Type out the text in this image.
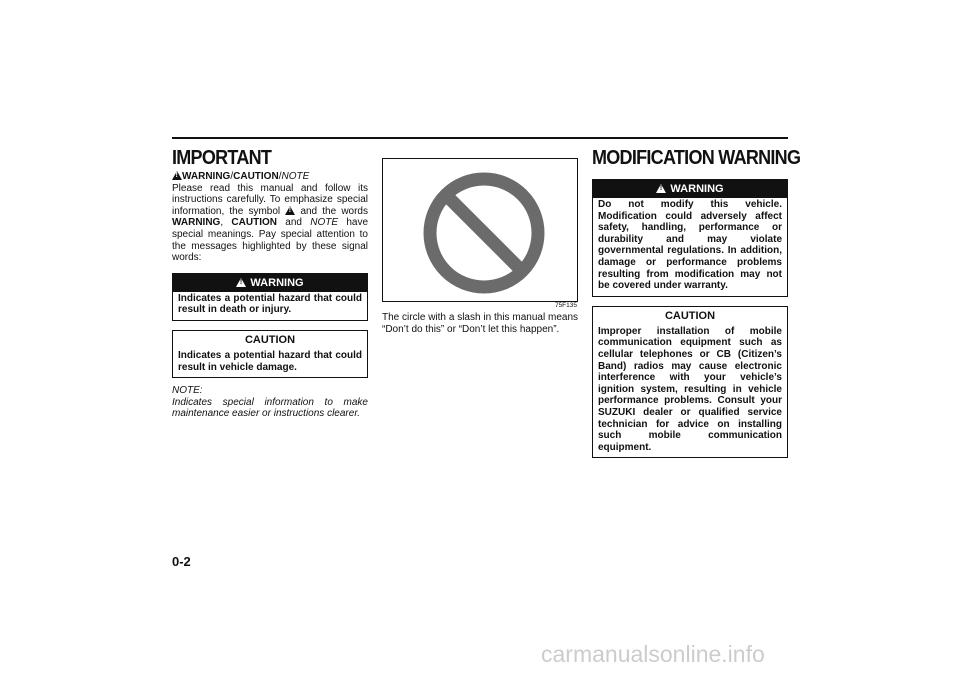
IMPORTANT

!WARNING/CAUTION/NOTE
Please read this manual and follow its instructions carefully. To emphasize special information, the symbol ! and the words WARNING, CAUTION and NOTE have special meanings. Pay special attention to the messages highlighted by these signal words:

!WARNING
Indicates a potential hazard that could result in death or injury.
CAUTION
Indicates a potential hazard that could result in vehicle damage.
NOTE:
Indicates special information to make maintenance easier or instructions clearer.
75F135

The circle with a slash in this manual means “Don’t do this” or “Don’t let this happen”.

MODIFICATION WARNING
!WARNING
Do not modify this vehicle. Modification could adversely affect safety, handling, performance or durability and may violate governmental regulations. In addition, damage or performance problems resulting from modification may not be covered under warranty.
CAUTION
Improper installation of mobile communication equipment such as cellular telephones or CB (Citizen’s Band) radios may cause electronic interference with your vehicle’s ignition system, resulting in vehicle performance problems. Consult your SUZUKI dealer or qualified service technician for advice on installing such mobile communication equipment.
0-2
carmanualsonline.info
